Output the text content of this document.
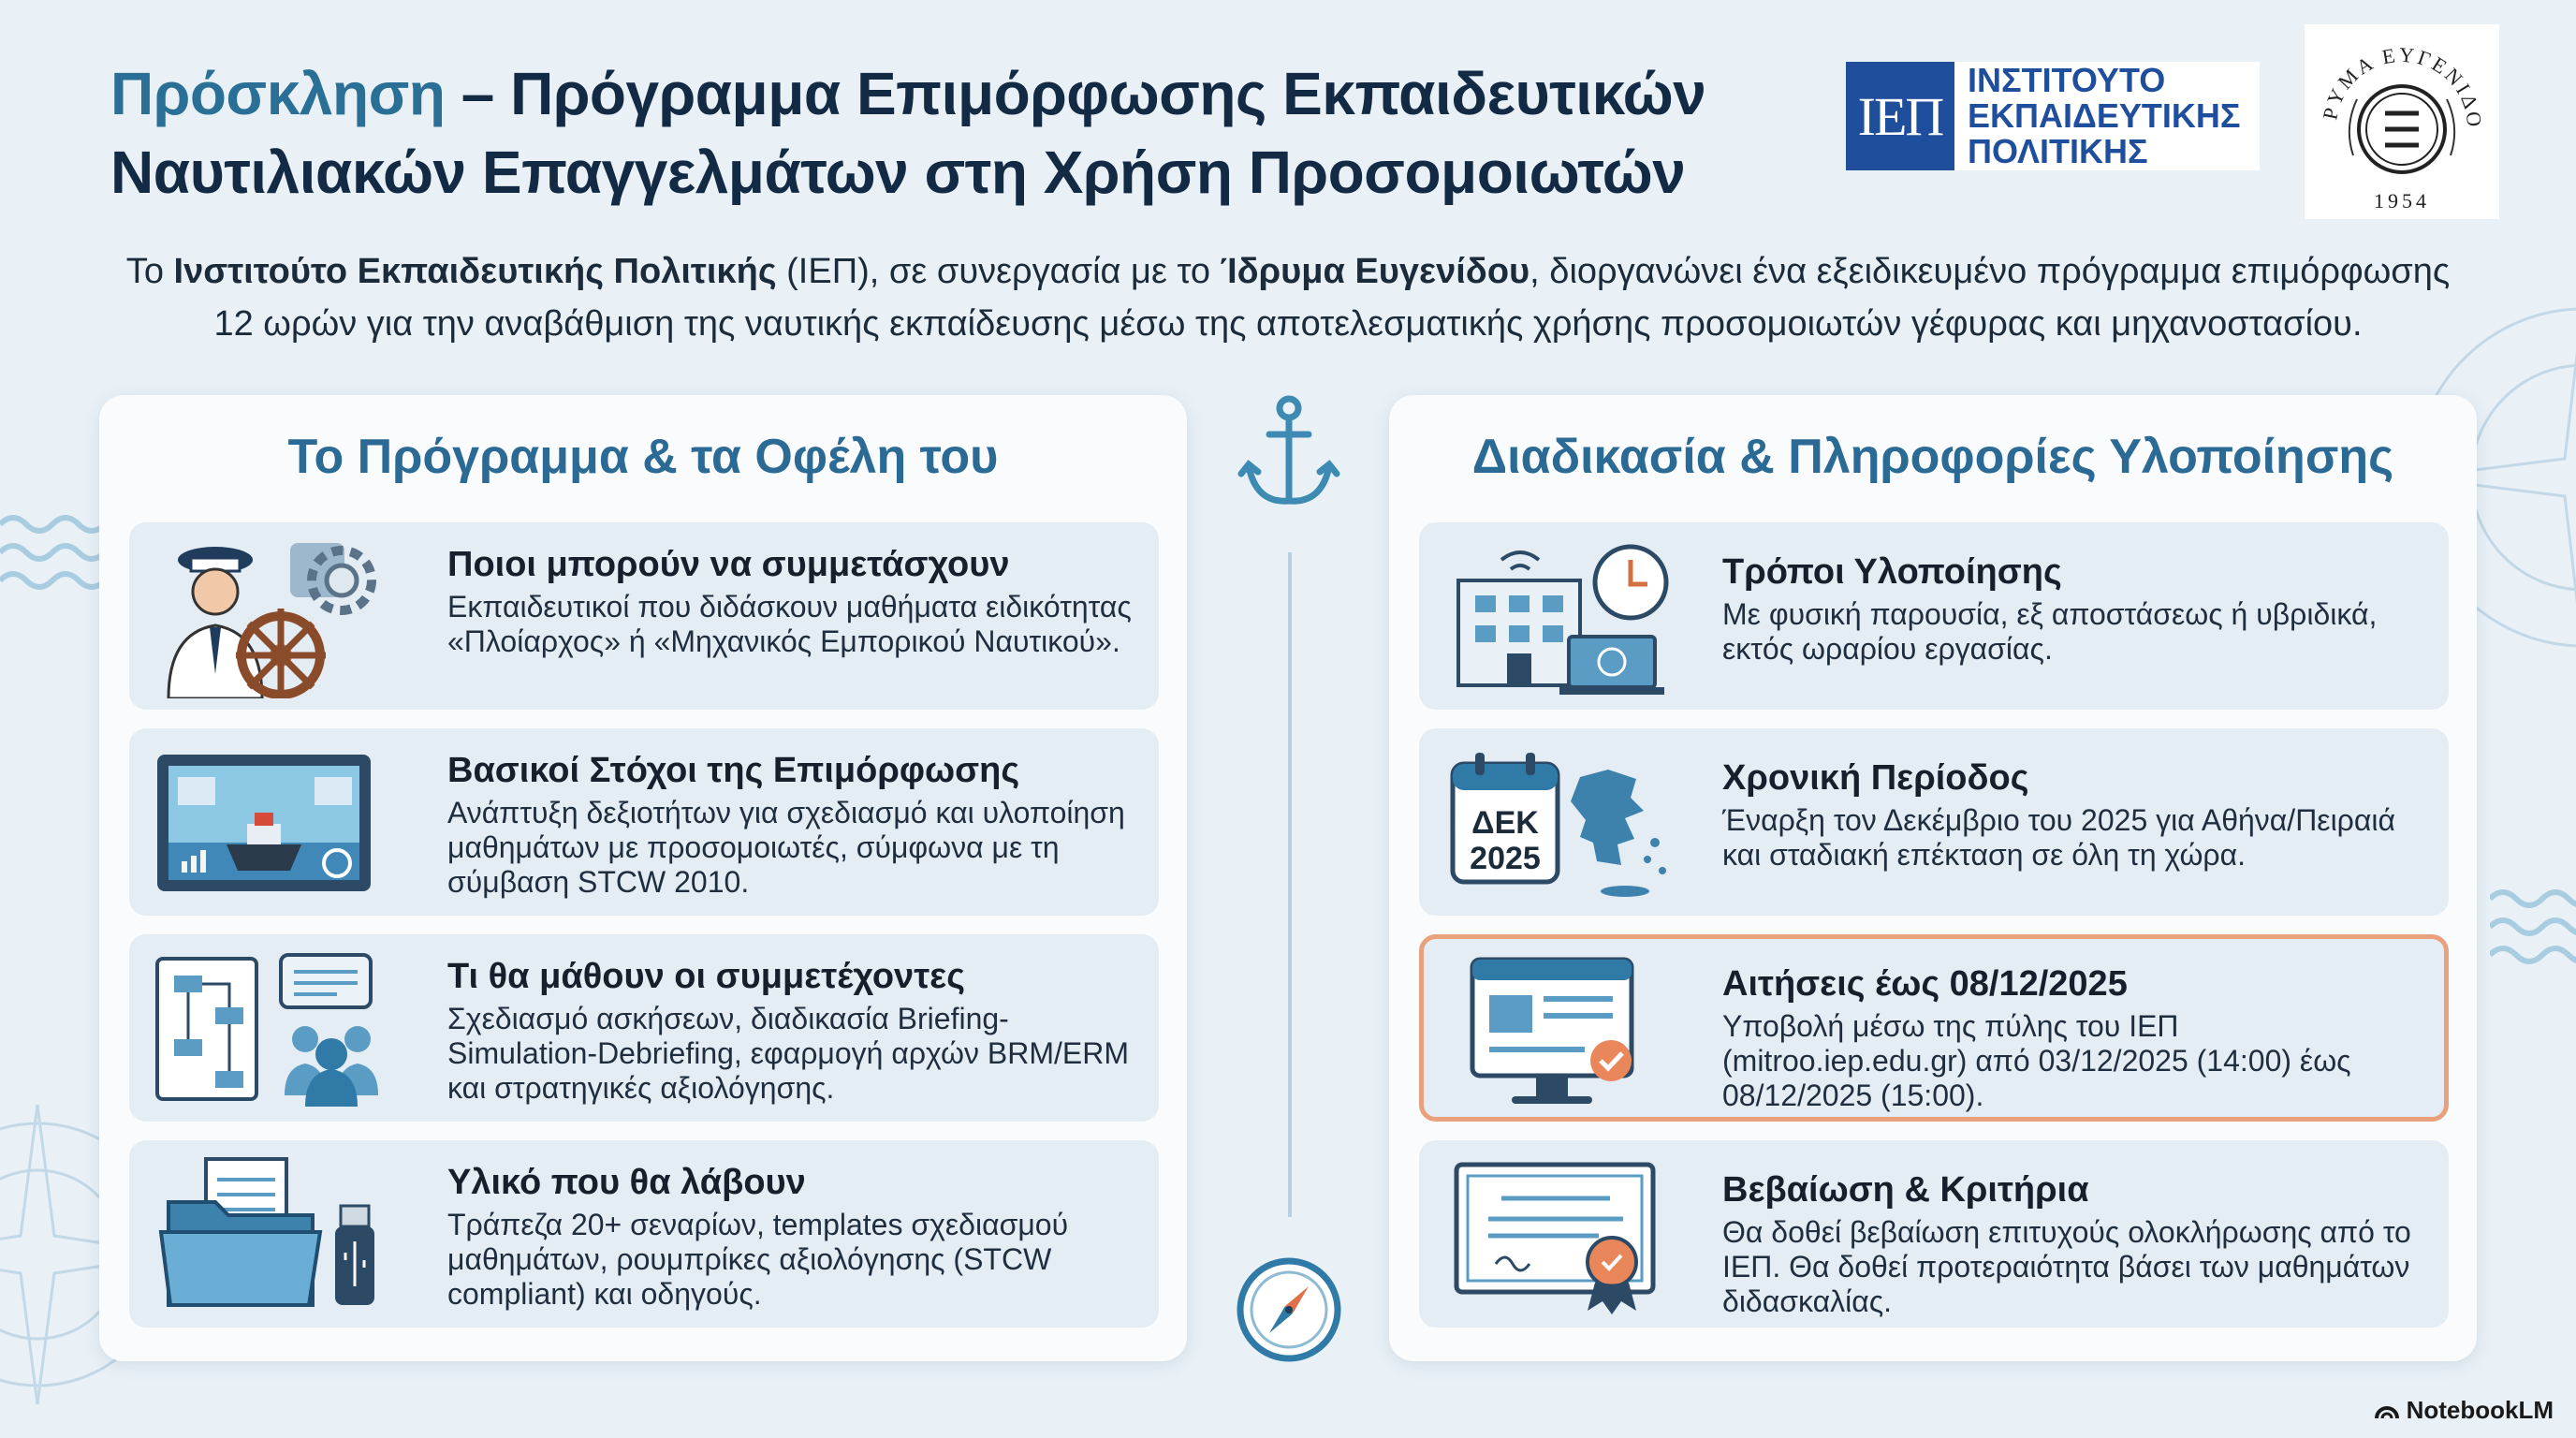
Πρόσκληση – Πρόγραμμα Επιμόρφωσης Εκπαιδευτικών
Ναυτιλιακών Επαγγελμάτων στη Χρήση Προσομοιωτών
ΙΕΠ
ΙΝΣΤΙΤΟΥΤΟ
ΕΚΠΑΙΔΕΥΤΙΚΗΣ
ΠΟΛΙΤΙΚΗΣ
ΡΥΜΑ ΕΥΓΕΝΙΔΟ
1954
Το Ινστιτούτο Εκπαιδευτικής Πολιτικής (ΙΕΠ), σε συνεργασία με το Ίδρυμα Ευγενίδου, διοργανώνει ένα εξειδικευμένο πρόγραμμα επιμόρφωσης
12 ωρών για την αναβάθμιση της ναυτικής εκπαίδευσης μέσω της αποτελεσματικής χρήσης προσομοιωτών γέφυρας και μηχανοστασίου.
Το Πρόγραμμα & τα Οφέλη του
Ποιοι μπορούν να συμμετάσχουν
Εκπαιδευτικοί που διδάσκουν μαθήματα ειδικότητας «Πλοίαρχος» ή «Μηχανικός Εμπορικού Ναυτικού».
Βασικοί Στόχοι της Επιμόρφωσης
Ανάπτυξη δεξιοτήτων για σχεδιασμό και υλοποίηση μαθημάτων με προσομοιωτές, σύμφωνα με τη σύμβαση STCW 2010.
Τι θα μάθουν οι συμμετέχοντες
Σχεδιασμό ασκήσεων, διαδικασία Briefing-Simulation-Debriefing, εφαρμογή αρχών BRM/ERM και στρατηγικές αξιολόγησης.
Υλικό που θα λάβουν
Τράπεζα 20+ σεναρίων, templates σχεδιασμού μαθημάτων, ρουμπρίκες αξιολόγησης (STCW compliant) και οδηγούς.
Διαδικασία & Πληροφορίες Υλοποίησης
Τρόποι Υλοποίησης
Με φυσική παρουσία, εξ αποστάσεως ή υβριδικά, εκτός ωραρίου εργασίας.
ΔΕΚ
2025
Χρονική Περίοδος
Έναρξη τον Δεκέμβριο του 2025 για Αθήνα/Πειραιά και σταδιακή επέκταση σε όλη τη χώρα.
Αιτήσεις έως 08/12/2025
Υποβολή μέσω της πύλης του ΙΕΠ (mitroo.iep.edu.gr) από 03/12/2025 (14:00) έως 08/12/2025 (15:00).
Βεβαίωση & Κριτήρια
Θα δοθεί βεβαίωση επιτυχούς ολοκλήρωσης από το ΙΕΠ. Θα δοθεί προτεραιότητα βάσει των μαθημάτων διδασκαλίας.
NotebookLM
